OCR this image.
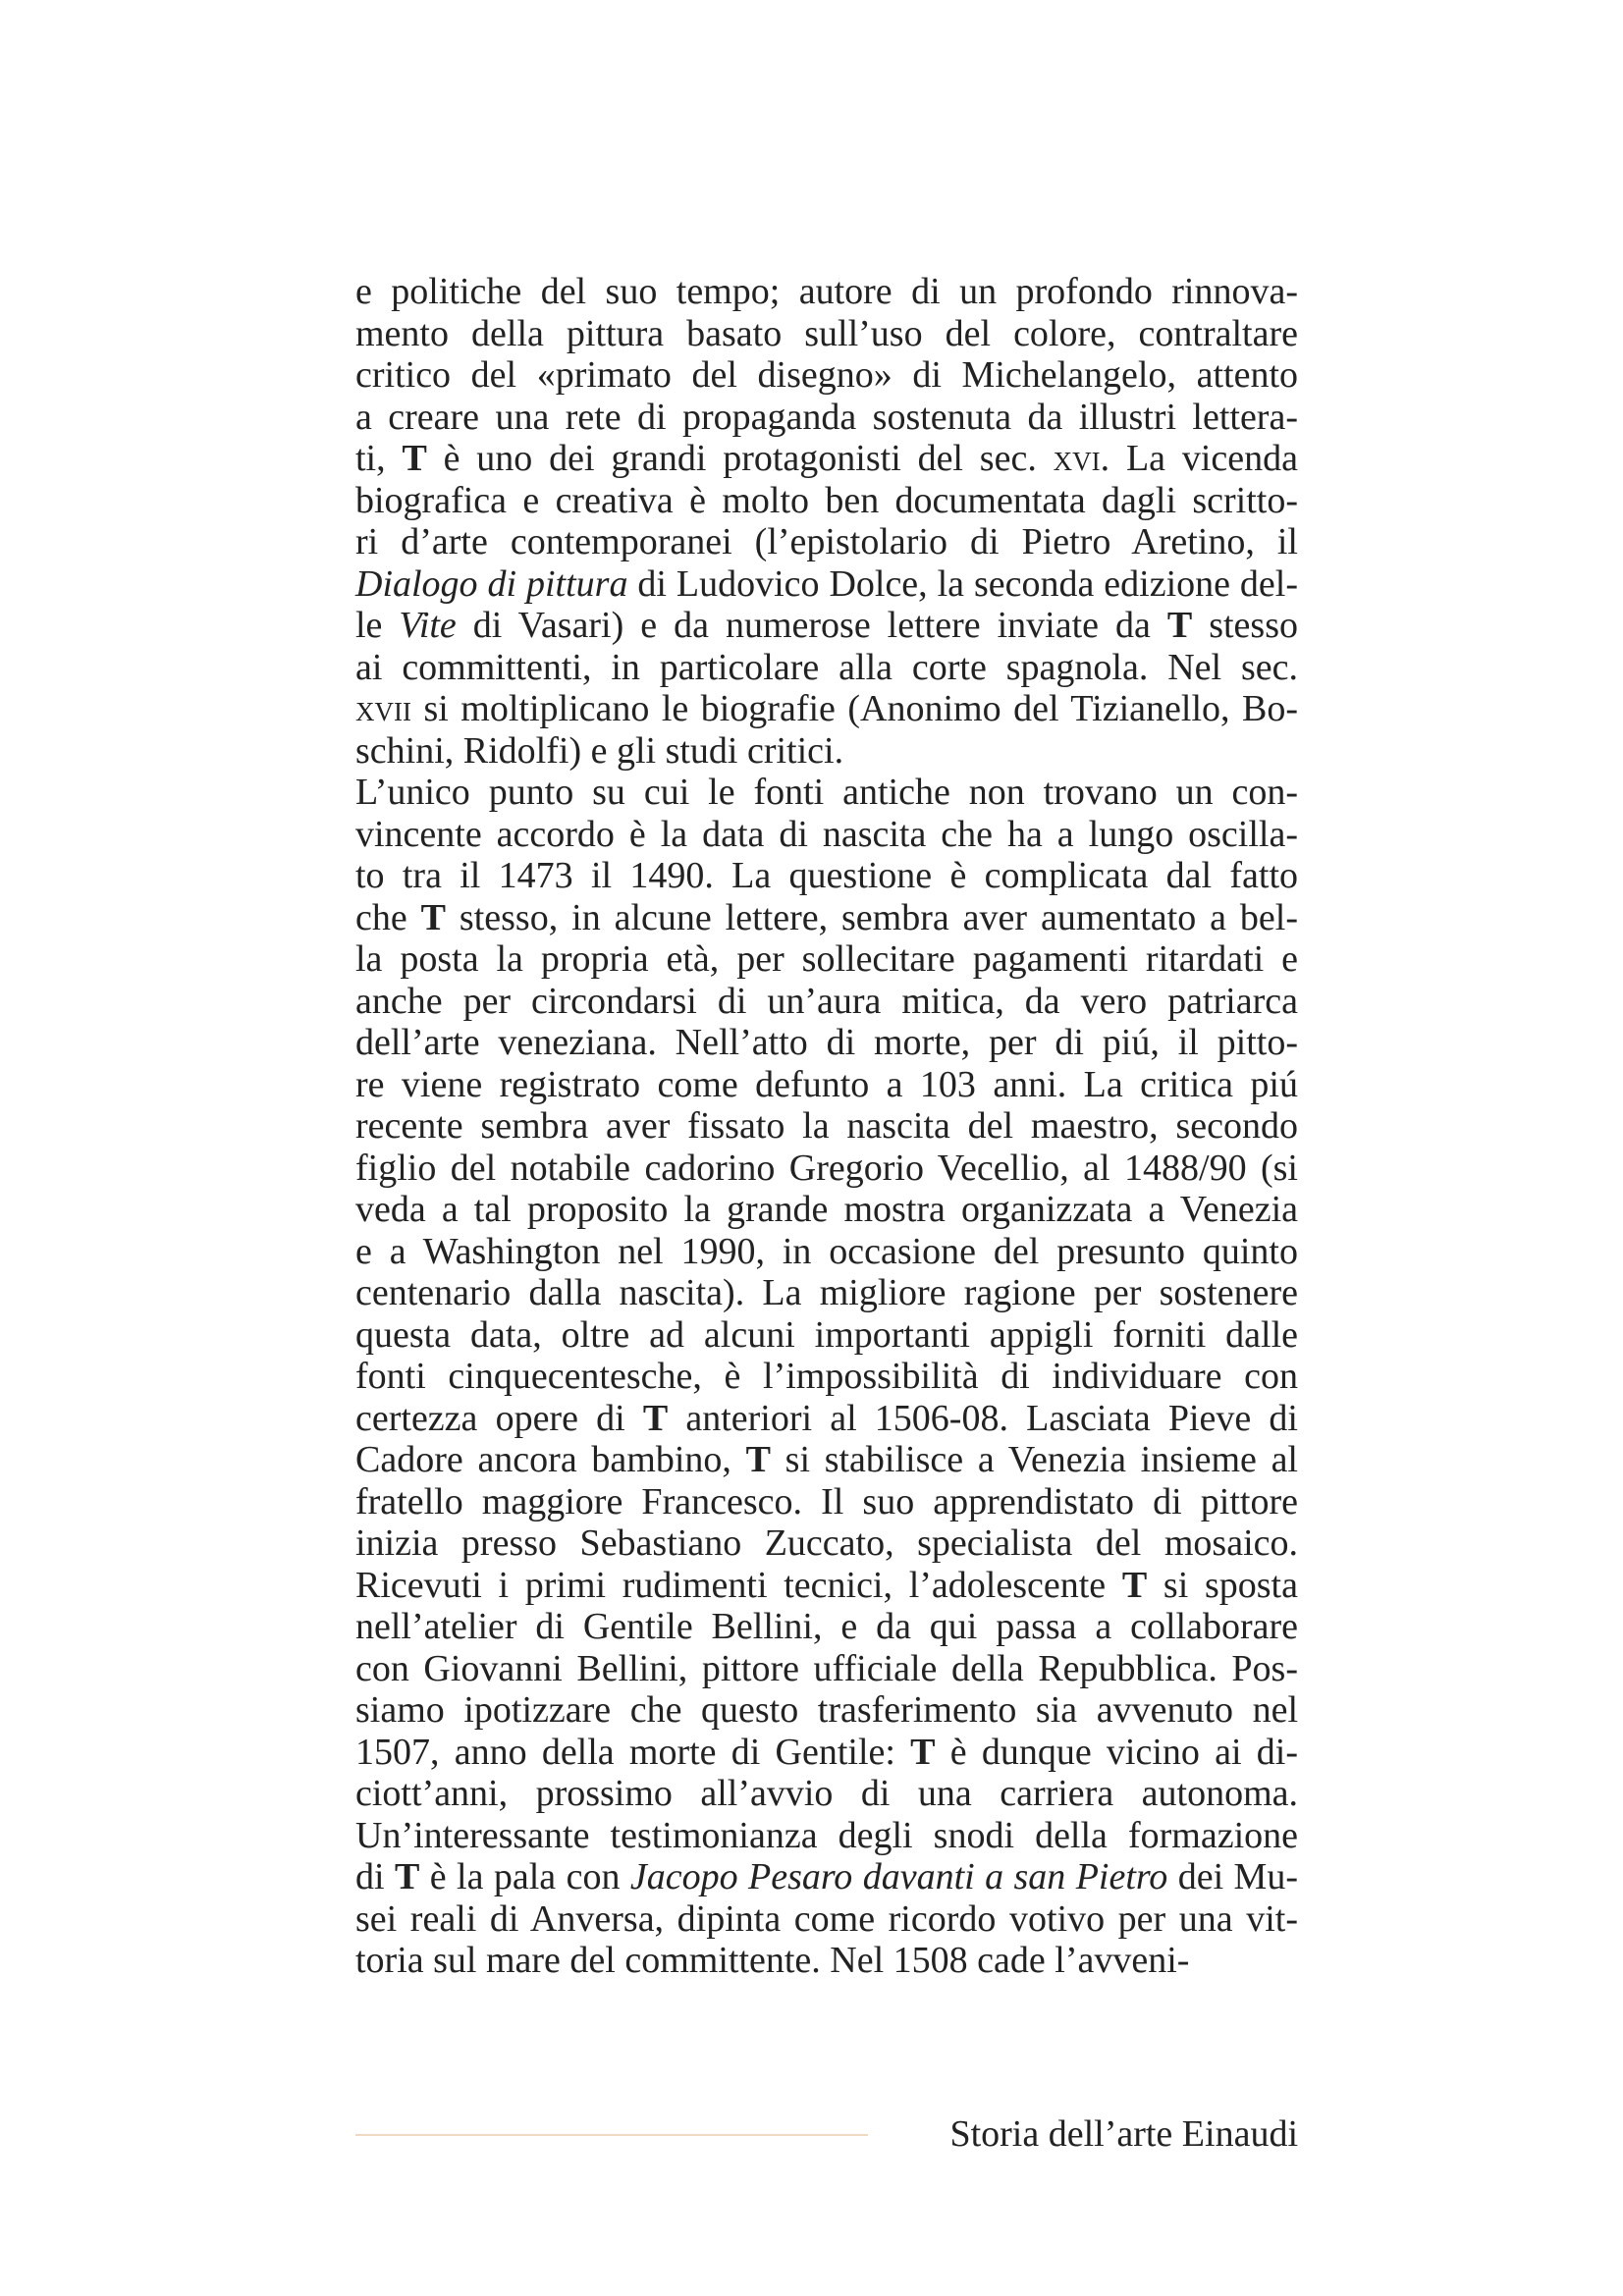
e politiche del suo tempo; autore di un profondo rinnova-
mento della pittura basato sull’uso del colore, contraltare
critico del «primato del disegno» di Michelangelo, attento
a creare una rete di propaganda sostenuta da illustri lettera-
ti, T è uno dei grandi protagonisti del sec. xvi. La vicenda
biografica e creativa è molto ben documentata dagli scritto-
ri d’arte contemporanei (l’epistolario di Pietro Aretino, il
Dialogo di pittura di Ludovico Dolce, la seconda edizione del-
le Vite di Vasari) e da numerose lettere inviate da T stesso
ai committenti, in particolare alla corte spagnola. Nel sec.
xvii si moltiplicano le biografie (Anonimo del Tizianello, Bo-
schini, Ridolfi) e gli studi critici.
L’unico punto su cui le fonti antiche non trovano un con-
vincente accordo è la data di nascita che ha a lungo oscilla-
to tra il 1473 il 1490. La questione è complicata dal fatto
che T stesso, in alcune lettere, sembra aver aumentato a bel-
la posta la propria età, per sollecitare pagamenti ritardati e
anche per circondarsi di un’aura mitica, da vero patriarca
dell’arte veneziana. Nell’atto di morte, per di piú, il pitto-
re viene registrato come defunto a 103 anni. La critica piú
recente sembra aver fissato la nascita del maestro, secondo
figlio del notabile cadorino Gregorio Vecellio, al 1488/90 (si
veda a tal proposito la grande mostra organizzata a Venezia
e a Washington nel 1990, in occasione del presunto quinto
centenario dalla nascita). La migliore ragione per sostenere
questa data, oltre ad alcuni importanti appigli forniti dalle
fonti cinquecentesche, è l’impossibilità di individuare con
certezza opere di T anteriori al 1506-08. Lasciata Pieve di
Cadore ancora bambino, T si stabilisce a Venezia insieme al
fratello maggiore Francesco. Il suo apprendistato di pittore
inizia presso Sebastiano Zuccato, specialista del mosaico.
Ricevuti i primi rudimenti tecnici, l’adolescente T si sposta
nell’atelier di Gentile Bellini, e da qui passa a collaborare
con Giovanni Bellini, pittore ufficiale della Repubblica. Pos-
siamo ipotizzare che questo trasferimento sia avvenuto nel
1507, anno della morte di Gentile: T è dunque vicino ai di-
ciott’anni, prossimo all’avvio di una carriera autonoma.
Un’interessante testimonianza degli snodi della formazione
di T è la pala con Jacopo Pesaro davanti a san Pietro dei Mu-
sei reali di Anversa, dipinta come ricordo votivo per una vit-
toria sul mare del committente. Nel 1508 cade l’avveni-
Storia dell’arte Einaudi
